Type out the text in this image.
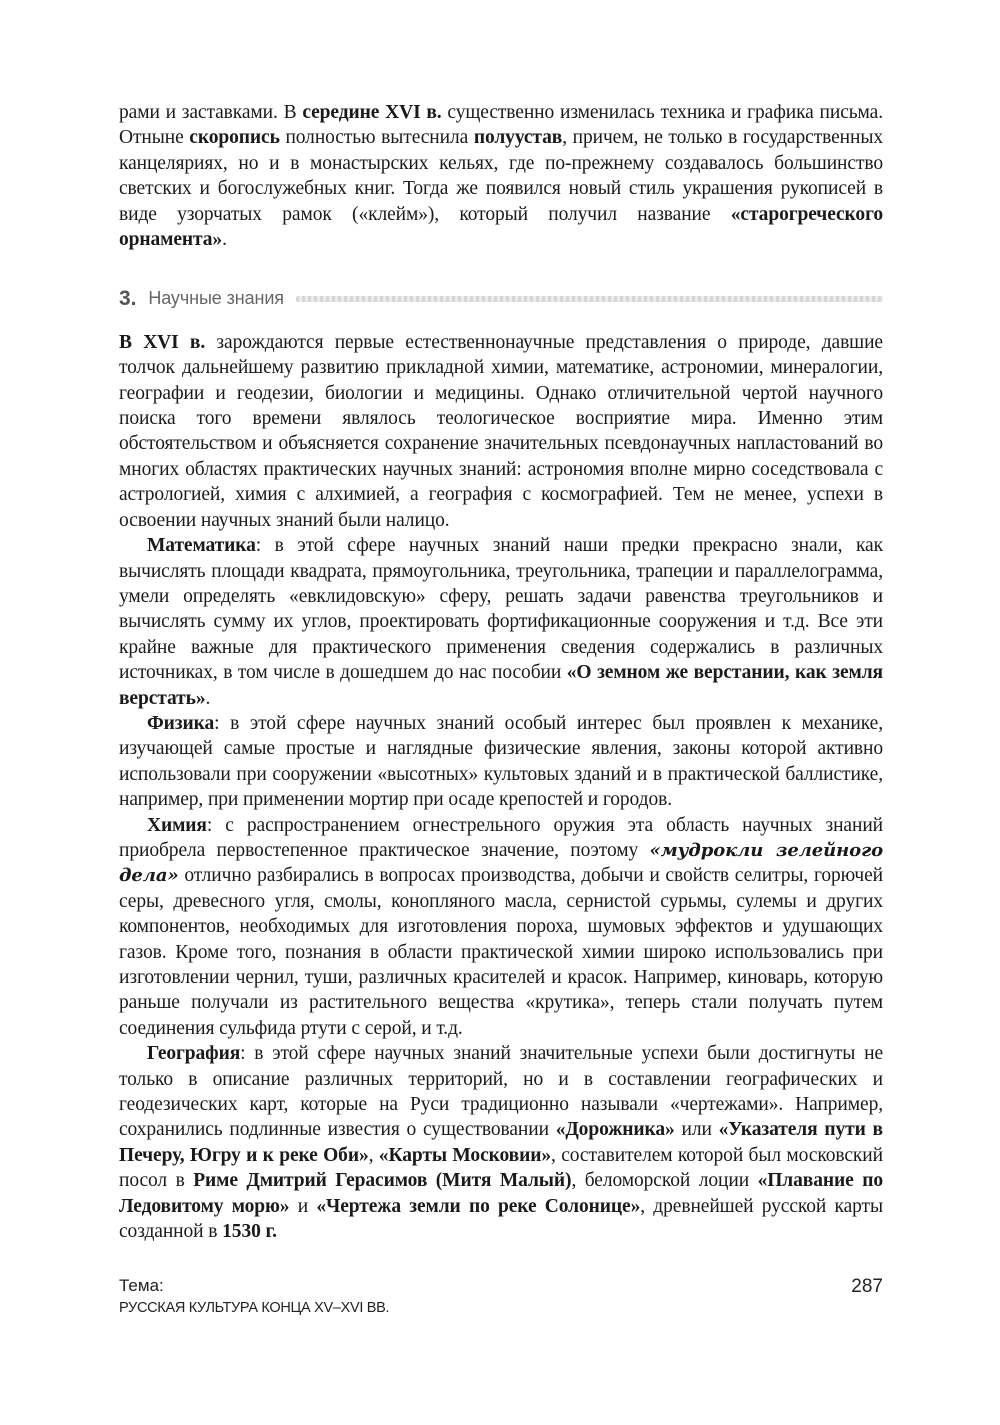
рами и заставками. В середине XVI в. существенно изменилась техника и графика письма. Отныне скоропись полностью вытеснила полуустав, причем, не только в государственных канцеляриях, но и в монастырских кельях, где по-прежнему создавалось большинство светских и богослужебных книг. Тогда же появился новый стиль украшения рукописей в виде узорчатых рамок («клейм»), который получил название «старогреческого орнамента».

3. Научные знания

В XVI в. зарождаются первые естественнонаучные представления о природе, давшие толчок дальнейшему развитию прикладной химии, математике, астрономии, минералогии, географии и геодезии, биологии и медицины. Однако отличительной чертой научного поиска того времени являлось теологическое восприятие мира. Именно этим обстоятельством и объясняется сохранение значительных псевдонаучных напластований во многих областях практических научных знаний: астрономия вполне мирно соседствовала с астрологией, химия с алхимией, а география с космографией. Тем не менее, успехи в освоении научных знаний были налицо.

Математика: в этой сфере научных знаний наши предки прекрасно знали, как вычислять площади квадрата, прямоугольника, треугольника, трапеции и параллелограмма, умели определять «евклидовскую» сферу, решать задачи равенства треугольников и вычислять сумму их углов, проектировать фортификационные сооружения и т.д. Все эти крайне важные для практического применения сведения содержались в различных источниках, в том числе в дошедшем до нас пособии «О земном же верстании, как земля верстать».

Физика: в этой сфере научных знаний особый интерес был проявлен к механике, изучающей самые простые и наглядные физические явления, законы которой активно использовали при сооружении «высотных» культовых зданий и в практической баллистике, например, при применении мортир при осаде крепостей и городов.

Химия: с распространением огнестрельного оружия эта область научных знаний приобрела первостепенное практическое значение, поэтому «мудрокли зелейного дела» отлично разбирались в вопросах производства, добычи и свойств селитры, горючей серы, древесного угля, смолы, конопляного масла, сернистой сурьмы, сулемы и других компонентов, необходимых для изготовления пороха, шумовых эффектов и удушающих газов. Кроме того, познания в области практической химии широко использовались при изготовлении чернил, туши, различных красителей и красок. Например, киноварь, которую раньше получали из растительного вещества «крутика», теперь стали получать путем соединения сульфида ртути с серой, и т.д.

География: в этой сфере научных знаний значительные успехи были достигнуты не только в описание различных территорий, но и в составлении географических и геодезических карт, которые на Руси традиционно называли «чертежами». Например, сохранились подлинные известия о существовании «Дорожника» или «Указателя пути в Печеру, Югру и к реке Оби», «Карты Московии», составителем которой был московский посол в Риме Дмитрий Герасимов (Митя Малый), беломорской лоции «Плавание по Ледовитому морю» и «Чертежа земли по реке Солонице», древнейшей русской карты созданной в 1530 г.

Тема:
РУССКАЯ КУЛЬТУРА КОНЦА XV–XVI ВВ.
287
